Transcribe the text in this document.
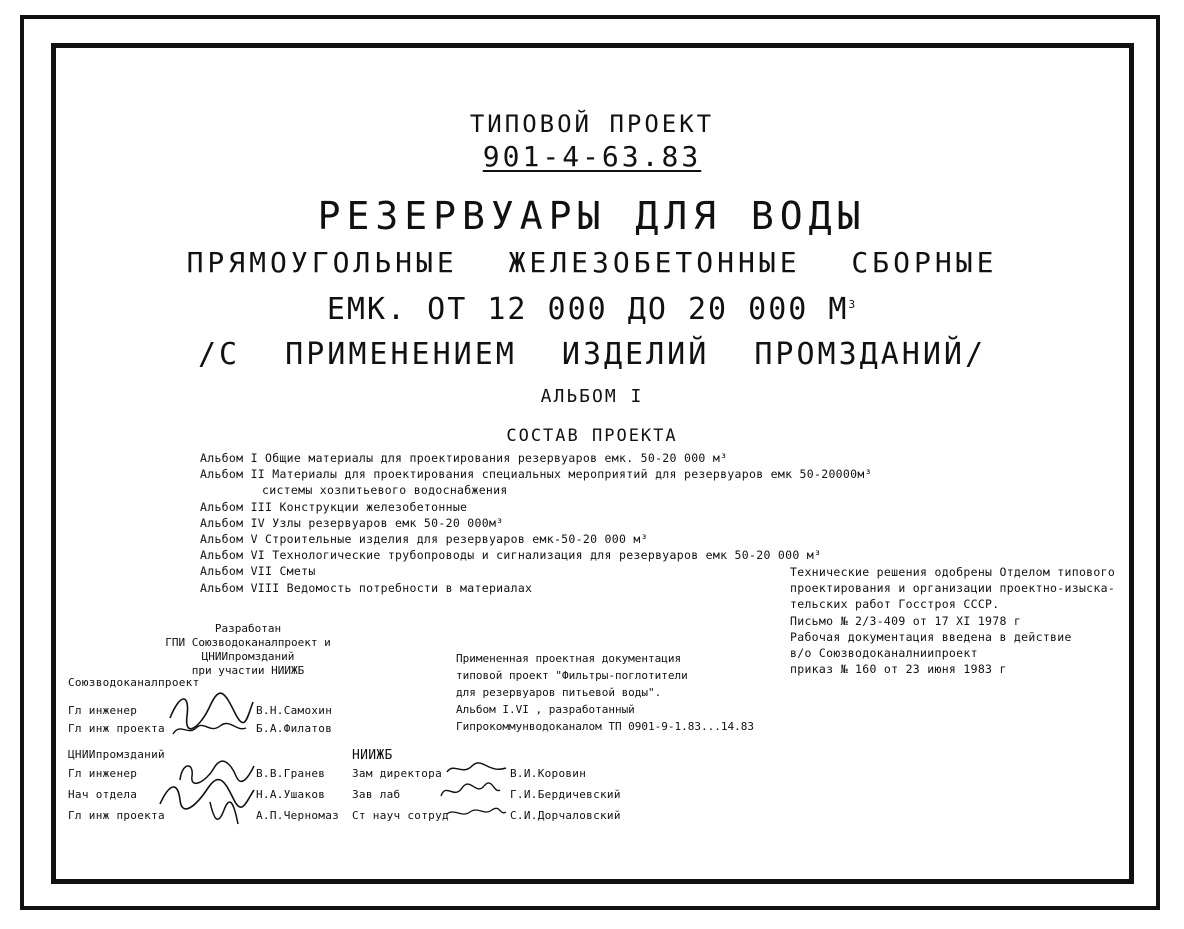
ТИПОВОЙ ПРОЕКТ
901-4-63.83
РЕЗЕРВУАРЫ ДЛЯ ВОДЫ
ПРЯМОУГОЛЬНЫЕ ЖЕЛЕЗОБЕТОННЫЕ СБОРНЫЕ
ЕМК. ОТ 12 000 ДО 20 000 $М^3$
/С ПРИМЕНЕНИЕМ ИЗДЕЛИЙ ПРОМЗДАНИЙ/
АЛЬБОМ I
СОСТАВ ПРОЕКТА
Альбом I Общие материалы для проектирования резервуаров емк. 50-20 000 м³
Альбом II Материалы для проектирования специальных мероприятий для резервуаров емк 50-20000м³
системы хозпитьевого водоснабжения
Альбом III Конструкции железобетонные
Альбом IV Узлы резервуаров емк 50-20 000м³
Альбом V Строительные изделия для резервуаров емк-50-20 000 м³
Альбом VI Технологические трубопроводы и сигнализация для резервуаров емк 50-20 000 м³
Альбом VII Сметы
Альбом VIII Ведомость потребности в материалах
Технические решения одобрены Отделом типового
проектирования и организации проектно-изыска-
тельских работ Госстроя СССР.
Письмо № 2/3-409 от 17 XI 1978 г
Рабочая документация введена в действие
в/о Союзводоканалниипроект
приказ № 160 от 23 июня 1983 г
Разработан
ГПИ Союзводоканалпроект и ЦНИИпромзданий
при участии НИИЖБ
Примененная проектная документация
типовой проект "Фильтры-поглотители
для резервуаров питьевой воды".
Альбом I.VI , разработанный
Гипрокоммунводоканалом ТП 0901-9-1.83...14.83
Союзводоканалпроект
Гл инженер	В.Н.Самохин
Гл инж проекта	Б.А.Филатов
ЦНИИпромзданий
Гл инженер	В.В.Гранев
Нач отдела	Н.А.Ушаков
Гл инж проекта	А.П.Черномаз
НИИЖБ
Зам директора	В.И.Коровин
Зав лаб	Г.И.Бердичевский
Ст науч сотруд	С.И.Дорчаловский
